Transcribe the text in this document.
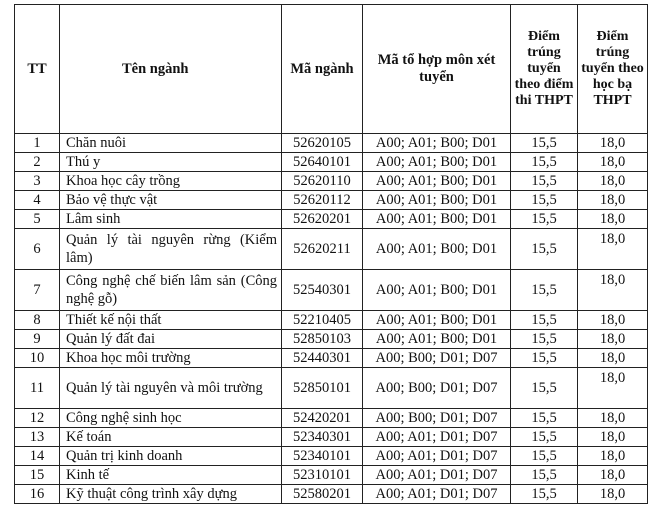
TT	Tên ngành	Mã ngành	Mã tổ hợp môn xét tuyển	Điểm trúng tuyển theo điểm thi THPT	Điểm trúng tuyển theo học bạ THPT
1	Chăn nuôi	52620105	A00; A01; B00; D01	15,5	18,0
2	Thú y	52640101	A00; A01; B00; D01	15,5	18,0
3	Khoa học cây trồng	52620110	A00; A01; B00; D01	15,5	18,0
4	Bảo vệ thực vật	52620112	A00; A01; B00; D01	15,5	18,0
5	Lâm sinh	52620201	A00; A01; B00; D01	15,5	18,0
6	Quản lý tài nguyên rừng (Kiểm lâm)	52620211	A00; A01; B00; D01	15,5	18,0
7	Công nghệ chế biến lâm sản (Công nghệ gỗ)	52540301	A00; A01; B00; D01	15,5	18,0
8	Thiết kế nội thất	52210405	A00; A01; B00; D01	15,5	18,0
9	Quản lý đất đai	52850103	A00; A01; B00; D01	15,5	18,0
10	Khoa học môi trường	52440301	A00; B00; D01; D07	15,5	18,0
11	Quản lý tài nguyên và môi trường	52850101	A00; B00; D01; D07	15,5	18,0
12	Công nghệ sinh học	52420201	A00; B00; D01; D07	15,5	18,0
13	Kế toán	52340301	A00; A01; D01; D07	15,5	18,0
14	Quản trị kinh doanh	52340101	A00; A01; D01; D07	15,5	18,0
15	Kinh tế	52310101	A00; A01; D01; D07	15,5	18,0
16	Kỹ thuật công trình xây dựng	52580201	A00; A01; D01; D07	15,5	18,0
